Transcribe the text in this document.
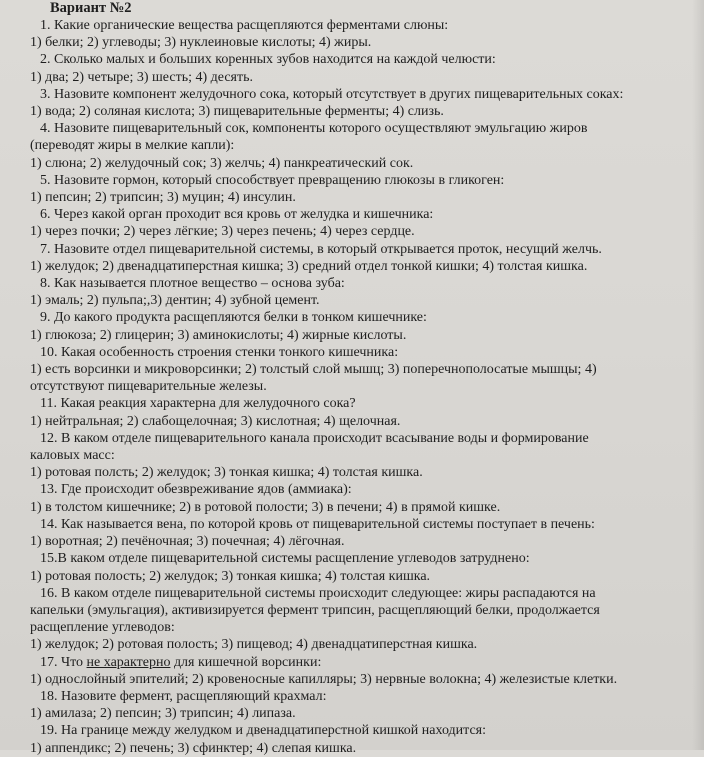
Вариант №2
1. Какие органические вещества расщепляются ферментами слюны:
1) белки; 2) углеводы; 3) нуклеиновые кислоты; 4) жиры.
2. Сколько малых и больших коренных зубов находится на каждой челюсти:
1) два; 2) четыре; 3) шесть; 4) десять.
3. Назовите компонент желудочного сока, который отсутствует в других пищеварительных соках:
1) вода; 2) соляная кислота; 3) пищеварительные ферменты; 4) слизь.
4. Назовите пищеварительный сок, компоненты которого осуществляют эмульгацию жиров
(переводят жиры в мелкие капли):
1) слюна; 2) желудочный сок; 3) желчь; 4) панкреатический сок.
5. Назовите гормон, который способствует превращению глюкозы в гликоген:
1) пепсин; 2) трипсин; 3) муцин; 4) инсулин.
6. Через какой орган проходит вся кровь от желудка и кишечника:
1) через почки; 2) через лёгкие; 3) через печень; 4) через сердце.
7. Назовите отдел пищеварительной системы, в который открывается проток, несущий желчь.
1) желудок; 2) двенадцатиперстная кишка; 3) средний отдел тонкой кишки; 4) толстая кишка.
8. Как называется плотное вещество – основа зуба:
1) эмаль; 2) пульпа;,3) дентин; 4) зубной цемент.
9. До какого продукта расщепляются белки в тонком кишечнике:
1) глюкоза; 2) глицерин; 3) аминокислоты; 4) жирные кислоты.
10. Какая особенность строения стенки тонкого кишечника:
1) есть ворсинки и микроворсинки; 2) толстый слой мышц; 3) поперечнополосатые мышцы; 4)
отсутствуют пищеварительные железы.
11. Какая реакция характерна для желудочного сока?
1) нейтральная; 2) слабощелочная; 3) кислотная; 4) щелочная.
12. В каком отделе пищеварительного канала происходит всасывание воды и формирование
каловых масс:
1) ротовая полсть; 2) желудок; 3) тонкая кишка; 4) толстая кишка.
13. Где происходит обезвреживание ядов (аммиака):
1) в толстом кишечнике; 2) в ротовой полости; 3) в печени; 4) в прямой кишке.
14. Как называется вена, по которой кровь от пищеварительной системы поступает в печень:
1) воротная; 2) печёночная; 3) почечная; 4) лёгочная.
15.В каком отделе пищеварительной системы расщепление углеводов затруднено:
1) ротовая полость; 2) желудок; 3) тонкая кишка; 4) толстая кишка.
16. В каком отделе пищеварительной системы происходит следующее: жиры распадаются на
капельки (эмульгация), активизируется фермент трипсин, расщепляющий белки, продолжается
расщепление углеводов:
1) желудок; 2) ротовая полость; 3) пищевод; 4) двенадцатиперстная кишка.
17. Что не характерно для кишечной ворсинки:
1) однослойный эпителий; 2) кровеносные капилляры; 3) нервные волокна; 4) железистые клетки.
18. Назовите фермент, расщепляющий крахмал:
1) амилаза; 2) пепсин; 3) трипсин; 4) липаза.
19. На границе между желудком и двенадцатиперстной кишкой находится:
1) аппендикс; 2) печень; 3) сфинктер; 4) слепая кишка.
